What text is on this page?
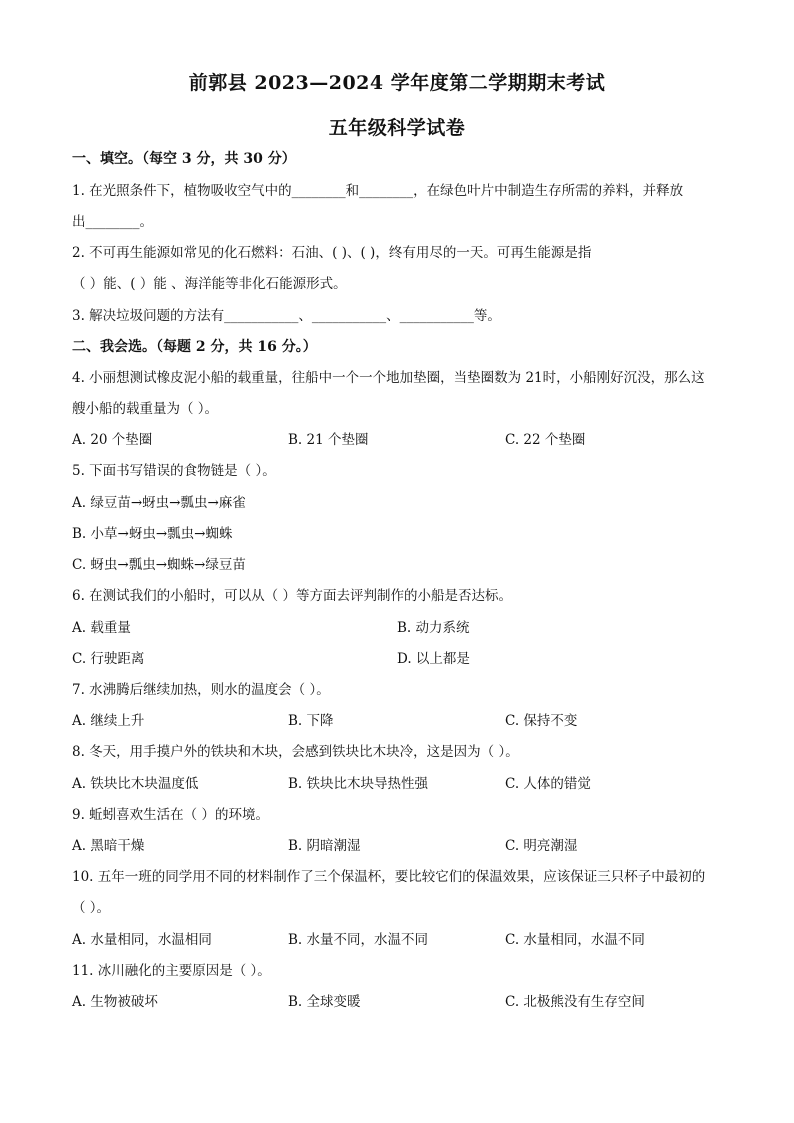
前郭县 2023—2024 学年度第二学期期末考试
五年级科学试卷
一、填空。（每空 3 分，共 30 分）
1. 在光照条件下，植物吸收空气中的________和________，在绿色叶片中制造生存所需的养料，并释放
出________。
2. 不可再生能源如常见的化石燃料：石油、( )、( )，终有用尽的一天。可再生能源是指
（ ）能、( ）能 、海洋能等非化石能源形式。
3. 解决垃圾问题的方法有___________、___________、___________等。
二、我会选。（每题 2 分，共 16 分。）
4. 小丽想测试橡皮泥小船的载重量，往船中一个一个地加垫圈，当垫圈数为 21时，小船刚好沉没，那么这
艘小船的载重量为（ ）。
A. 20 个垫圈	B. 21 个垫圈	C. 22 个垫圈
5. 下面书写错误的食物链是（ ）。
A. 绿豆苗→蚜虫→瓢虫→麻雀
B. 小草→蚜虫→瓢虫→蜘蛛
C. 蚜虫→瓢虫→蜘蛛→绿豆苗
6. 在测试我们的小船时，可以从（ ）等方面去评判制作的小船是否达标。
A. 载重量	B. 动力系统
C. 行驶距离	D. 以上都是
7. 水沸腾后继续加热，则水的温度会（ ）。
A. 继续上升	B. 下降	C. 保持不变
8. 冬天，用手摸户外的铁块和木块，会感到铁块比木块冷，这是因为（ ）。
A. 铁块比木块温度低	B. 铁块比木块导热性强	C. 人体的错觉
9. 蚯蚓喜欢生活在（ ）的环境。
A. 黑暗干燥	B. 阴暗潮湿	C. 明亮潮湿
10. 五年一班的同学用不同的材料制作了三个保温杯，要比较它们的保温效果，应该保证三只杯子中最初的
（ ）。
A. 水量相同，水温相同	B. 水量不同，水温不同	C. 水量相同，水温不同
11. 冰川融化的主要原因是（ ）。
A. 生物被破坏	B. 全球变暖	C. 北极熊没有生存空间
